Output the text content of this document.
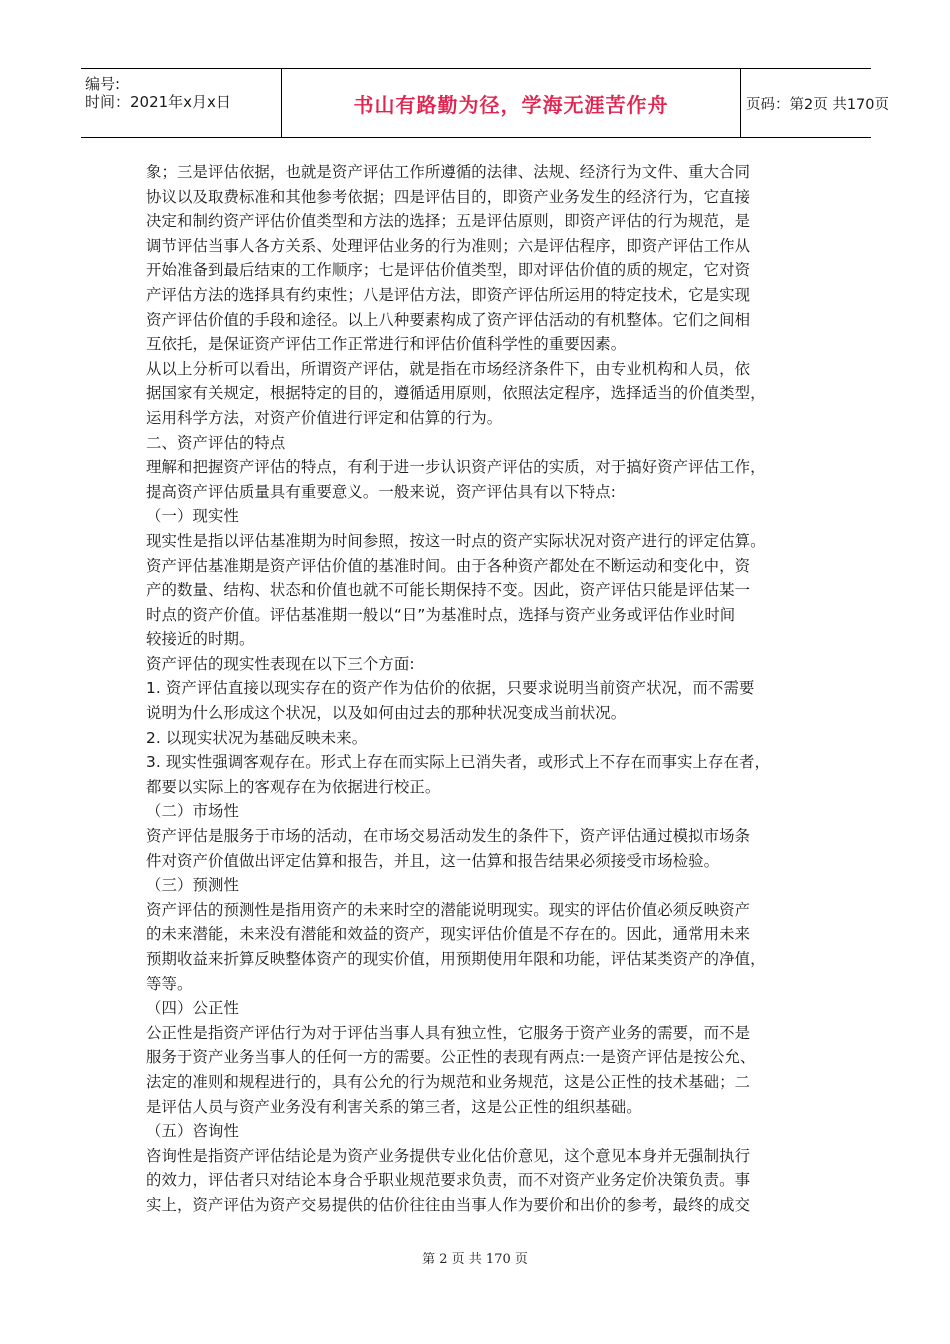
编号:
时间：2021年x月x日	书山有路勤为径，学海无涯苦作舟	页码：第2页 共170页

象；三是评估依据，也就是资产评估工作所遵循的法律、法规、经济行为文件、重大合同

协议以及取费标准和其他参考依据；四是评估目的，即资产业务发生的经济行为，它直接

决定和制约资产评估价值类型和方法的选择；五是评估原则，即资产评估的行为规范，是

调节评估当事人各方关系、处理评估业务的行为准则；六是评估程序，即资产评估工作从

开始准备到最后结束的工作顺序；七是评估价值类型，即对评估价值的质的规定，它对资

产评估方法的选择具有约束性；八是评估方法，即资产评估所运用的特定技术，它是实现

资产评估价值的手段和途径。以上八种要素构成了资产评估活动的有机整体。它们之间相

互依托，是保证资产评估工作正常进行和评估价值科学性的重要因素。

从以上分析可以看出，所谓资产评估，就是指在市场经济条件下，由专业机构和人员，依

据国家有关规定，根据特定的目的，遵循适用原则，依照法定程序，选择适当的价值类型，

运用科学方法，对资产价值进行评定和估算的行为。

二、资产评估的特点

理解和把握资产评估的特点，有利于进一步认识资产评估的实质，对于搞好资产评估工作，

提高资产评估质量具有重要意义。一般来说，资产评估具有以下特点:

（一）现实性

现实性是指以评估基准期为时间参照，按这一时点的资产实际状况对资产进行的评定估算。

资产评估基准期是资产评估价值的基准时间。由于各种资产都处在不断运动和变化中，资

产的数量、结构、状态和价值也就不可能长期保持不变。因此，资产评估只能是评估某一

时点的资产价值。评估基准期一般以“日”为基准时点，选择与资产业务或评估作业时间

较接近的时期。

资产评估的现实性表现在以下三个方面:

1. 资产评估直接以现实存在的资产作为估价的依据，只要求说明当前资产状况，而不需要

说明为什么形成这个状况，以及如何由过去的那种状况变成当前状况。

2. 以现实状况为基础反映未来。

3. 现实性强调客观存在。形式上存在而实际上已消失者，或形式上不存在而事实上存在者，

都要以实际上的客观存在为依据进行校正。

（二）市场性

资产评估是服务于市场的活动，在市场交易活动发生的条件下，资产评估通过模拟市场条

件对资产价值做出评定估算和报告，并且，这一估算和报告结果必须接受市场检验。

（三）预测性

资产评估的预测性是指用资产的未来时空的潜能说明现实。现实的评估价值必须反映资产

的未来潜能，未来没有潜能和效益的资产，现实评估价值是不存在的。因此，通常用未来

预期收益来折算反映整体资产的现实价值，用预期使用年限和功能，评估某类资产的净值，

等等。

（四）公正性

公正性是指资产评估行为对于评估当事人具有独立性，它服务于资产业务的需要，而不是

服务于资产业务当事人的任何一方的需要。公正性的表现有两点:一是资产评估是按公允、

法定的准则和规程进行的，具有公允的行为规范和业务规范，这是公正性的技术基础；二

是评估人员与资产业务没有利害关系的第三者，这是公正性的组织基础。

（五）咨询性

咨询性是指资产评估结论是为资产业务提供专业化估价意见，这个意见本身并无强制执行

的效力，评估者只对结论本身合乎职业规范要求负责，而不对资产业务定价决策负责。事

实上，资产评估为资产交易提供的估价往往由当事人作为要价和出价的参考，最终的成交

第 2 页 共 170 页
